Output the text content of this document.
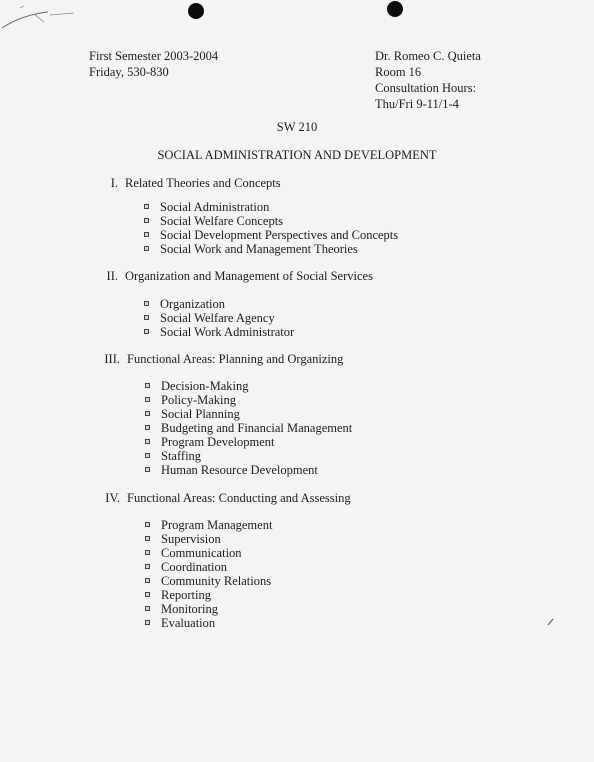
First Semester 2003-2004
Friday, 530-830
Dr. Romeo C. Quieta
Room 16
Consultation Hours:
Thu/Fri 9-11/1-4
SW 210
SOCIAL ADMINISTRATION AND DEVELOPMENT
I. Related Theories and Concepts
Social Administration
Social Welfare Concepts
Social Development Perspectives and Concepts
Social Work and Management Theories
II. Organization and Management of Social Services
Organization
Social Welfare Agency
Social Work Administrator
III. Functional Areas: Planning and Organizing
Decision-Making
Policy-Making
Social Planning
Budgeting and Financial Management
Program Development
Staffing
Human Resource Development
IV. Functional Areas: Conducting and Assessing
Program Management
Supervision
Communication
Coordination
Community Relations
Reporting
Monitoring
Evaluation
